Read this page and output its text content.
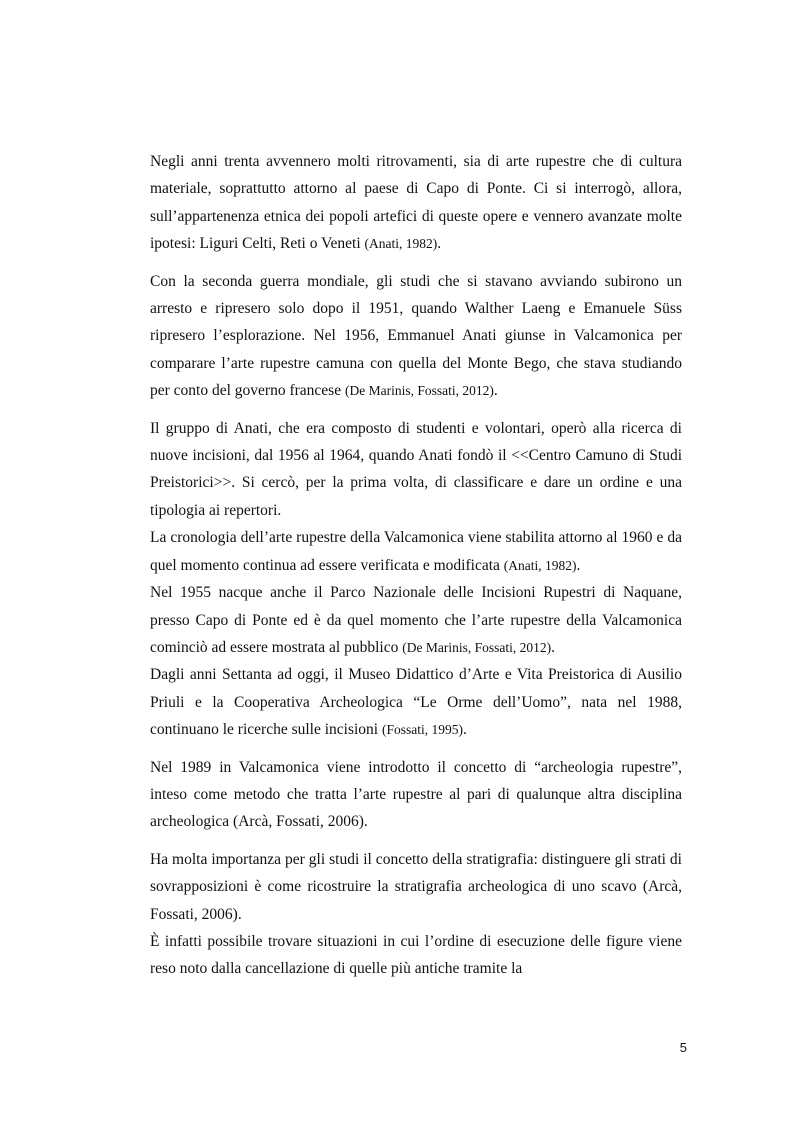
Negli anni trenta avvennero molti ritrovamenti, sia di arte rupestre che di cultura materiale, soprattutto attorno al paese di Capo di Ponte. Ci si interrogò, allora, sull’appartenenza etnica dei popoli artefici di queste opere e vennero avanzate molte ipotesi: Liguri Celti, Reti o Veneti (Anati, 1982).

Con la seconda guerra mondiale, gli studi che si stavano avviando subirono un arresto e ripresero solo dopo il 1951, quando Walther Laeng e Emanuele Süss ripresero l’esplorazione. Nel 1956, Emmanuel Anati giunse in Valcamonica per comparare l’arte rupestre camuna con quella del Monte Bego, che stava studiando per conto del governo francese (De Marinis, Fossati, 2012).

Il gruppo di Anati, che era composto di studenti e volontari, operò alla ricerca di nuove incisioni, dal 1956 al 1964, quando Anati fondò il <<Centro Camuno di Studi Preistorici>>. Si cercò, per la prima volta, di classificare e dare un ordine e una tipologia ai repertori.

La cronologia dell’arte rupestre della Valcamonica viene stabilita attorno al 1960 e da quel momento continua ad essere verificata e modificata (Anati, 1982).

Nel 1955 nacque anche il Parco Nazionale delle Incisioni Rupestri di Naquane, presso Capo di Ponte ed è da quel momento che l’arte rupestre della Valcamonica cominciò ad essere mostrata al pubblico (De Marinis, Fossati, 2012).

Dagli anni Settanta ad oggi, il Museo Didattico d’Arte e Vita Preistorica di Ausilio Priuli e la Cooperativa Archeologica “Le Orme dell’Uomo”, nata nel 1988, continuano le ricerche sulle incisioni (Fossati, 1995).

Nel 1989 in Valcamonica viene introdotto il concetto di “archeologia rupestre”, inteso come metodo che tratta l’arte rupestre al pari di qualunque altra disciplina archeologica (Arcà, Fossati, 2006).

Ha molta importanza per gli studi il concetto della stratigrafia: distinguere gli strati di sovrapposizioni è come ricostruire la stratigrafia archeologica di uno scavo (Arcà, Fossati, 2006).

È infatti possibile trovare situazioni in cui l’ordine di esecuzione delle figure viene reso noto dalla cancellazione di quelle più antiche tramite la

5
